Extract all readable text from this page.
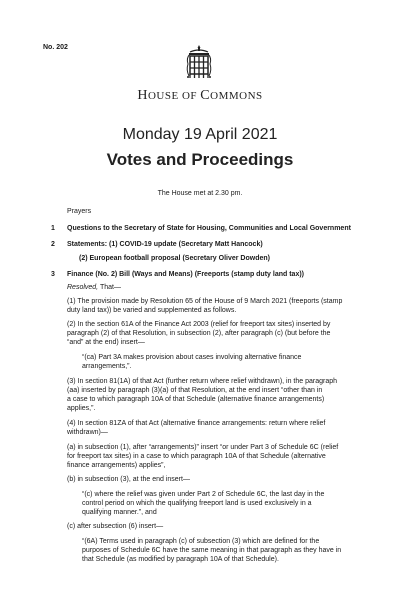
No. 202
HOUSE OF COMMONS
Monday 19 April 2021
Votes and Proceedings
The House met at 2.30 pm.
Prayers
1 Questions to the Secretary of State for Housing, Communities and Local Government
2 Statements: (1) COVID-19 update (Secretary Matt Hancock)
(2) European football proposal (Secretary Oliver Dowden)
3 Finance (No. 2) Bill (Ways and Means) (Freeports (stamp duty land tax))
Resolved, That—
(1) The provision made by Resolution 65 of the House of 9 March 2021 (freeports (stamp
duty land tax)) be varied and supplemented as follows.
(2) In the section 61A of the Finance Act 2003 (relief for freeport tax sites) inserted by
paragraph (2) of that Resolution, in subsection (2), after paragraph (c) (but before the
“and” at the end) insert—
“(ca) Part 3A makes provision about cases involving alternative finance
arrangements,”.
(3) In section 81(1A) of that Act (further return where relief withdrawn), in the paragraph
(aa) inserted by paragraph (3)(a) of that Resolution, at the end insert “other than in
a case to which paragraph 10A of that Schedule (alternative finance arrangements)
applies,”.
(4) In section 81ZA of that Act (alternative finance arrangements: return where relief
withdrawn)—
(a) in subsection (1), after “arrangements)” insert “or under Part 3 of Schedule 6C (relief
for freeport tax sites) in a case to which paragraph 10A of that Schedule (alternative
finance arrangements) applies”,
(b) in subsection (3), at the end insert—
“(c) where the relief was given under Part 2 of Schedule 6C, the last day in the
control period on which the qualifying freeport land is used exclusively in a
qualifying manner.”, and
(c) after subsection (6) insert—
“(6A) Terms used in paragraph (c) of subsection (3) which are defined for the
purposes of Schedule 6C have the same meaning in that paragraph as they have in
that Schedule (as modified by paragraph 10A of that Schedule).
